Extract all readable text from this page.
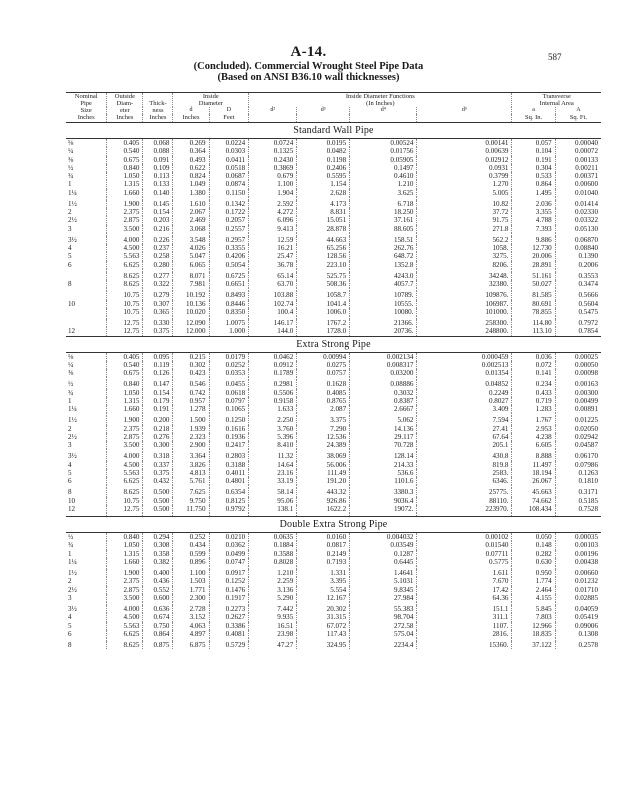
587
A-14.
(Concluded). Commercial Wrought Steel Pipe Data
(Based on ANSI B36.10 wall thicknesses)
Nominal
Pipe
Size	Outside
Diam-
eter	Thick-
ness	Inside
Diameter		Inside Diameter Functions
(In Inches)				Transverse
Internal Area	
			d	D	d²	d³	d⁴	d⁵	a	A
Inches	Inches	Inches	Inches	Feet					Sq. In.	Sq. Ft.
Standard Wall Pipe										
⅛	0.405	0.068	0.269	0.0224	0.0724	0.0195	0.00524	0.00141	0.057	0.00040
¼	0.540	0.088	0.364	0.0303	0.1325	0.0482	0.01756	0.00639	0.104	0.00072
⅜	0.675	0.091	0.493	0.0411	0.2430	0.1198	0.05905	0.02912	0.191	0.00133
½	0.840	0.109	0.622	0.0518	0.3869	0.2406	0.1497	0.0931	0.304	0.00211
¾	1.050	0.113	0.824	0.0687	0.679	0.5595	0.4610	0.3799	0.533	0.00371
1	1.315	0.133	1.049	0.0874	1.100	1.154	1.210	1.270	0.864	0.00600
1¼	1.660	0.140	1.380	0.1150	1.904	2.628	3.625	5.005	1.495	0.01040

1½	1.900	0.145	1.610	0.1342	2.592	4.173	6.718	10.82	2.036	0.01414
2	2.375	0.154	2.067	0.1722	4.272	8.831	18.250	37.72	3.355	0.02330
2½	2.875	0.203	2.469	0.2057	6.096	15.051	37.161	91.75	4.788	0.03322
3	3.500	0.216	3.068	0.2557	9.413	28.878	88.605	271.8	7.393	0.05130

3½	4.000	0.226	3.548	0.2957	12.59	44.663	158.51	562.2	9.886	0.06870
4	4.500	0.237	4.026	0.3355	16.21	65.256	262.76	1058.	12.730	0.08840
5	5.563	0.258	5.047	0.4206	25.47	128.56	648.72	3275.	20.006	0.1390
6	6.625	0.280	6.065	0.5054	36.78	223.10	1352.8	8206.	28.891	0.2006

	8.625	0.277	8.071	0.6725	65.14	525.75	4243.0	34248.	51.161	0.3553
8	8.625	0.322	7.981	0.6651	63.70	508.36	4057.7	32380.	50.027	0.3474

	10.75	0.279	10.192	0.8493	103.88	1058.7	10789.	109876.	81.585	0.5666
10	10.75	0.307	10.136	0.8446	102.74	1041.4	10555.	106987.	80.691	0.5604
	10.75	0.365	10.020	0.8350	100.4	1006.0	10080.	101000.	78.855	0.5475

	12.75	0.330	12.090	1.0075	146.17	1767.2	21366.	258300.	114.80	0.7972
12	12.75	0.375	12.000	1.000	144.0	1728.0	20736.	248800.	113.10	0.7854
Extra Strong Pipe										
⅛	0.405	0.095	0.215	0.0179	0.0462	0.00994	0.002134	0.000459	0.036	0.00025
¼	0.540	0.119	0.302	0.0252	0.0912	0.0275	0.008317	0.002513	0.072	0.00050
⅜	0.675	0.126	0.423	0.0353	0.1789	0.0757	0.03200	0.01354	0.141	0.00098

½	0.840	0.147	0.546	0.0455	0.2981	0.1628	0.08886	0.04852	0.234	0.00163
¾	1.050	0.154	0.742	0.0618	0.5506	0.4085	0.3032	0.2249	0.433	0.00300
1	1.315	0.179	0.957	0.0797	0.9158	0.8765	0.8387	0.8027	0.719	0.00499
1¼	1.660	0.191	1.278	0.1065	1.633	2.087	2.6667	3.409	1.283	0.00891

1½	1.900	0.200	1.500	0.1250	2.250	3.375	5.062	7.594	1.767	0.01225
2	2.375	0.218	1.939	0.1616	3.760	7.290	14.136	27.41	2.953	0.02050
2½	2.875	0.276	2.323	0.1936	5.396	12.536	29.117	67.64	4.238	0.02942
3	3.500	0.300	2.900	0.2417	8.410	24.389	70.728	205.1	6.605	0.04587

3½	4.000	0.318	3.364	0.2803	11.32	38.069	128.14	430.8	8.888	0.06170
4	4.500	0.337	3.826	0.3188	14.64	56.006	214.33	819.8	11.497	0.07986
5	5.563	0.375	4.813	0.4011	23.16	111.49	536.6	2583.	18.194	0.1263
6	6.625	0.432	5.761	0.4801	33.19	191.20	1101.6	6346.	26.067	0.1810

8	8.625	0.500	7.625	0.6354	58.14	443.32	3380.3	25775.	45.663	0.3171
10	10.75	0.500	9.750	0.8125	95.06	926.86	9036.4	88110.	74.662	0.5185
12	12.75	0.500	11.750	0.9792	138.1	1622.2	19072.	223970.	108.434	0.7528

Double Extra Strong Pipe										
½	0.840	0.294	0.252	0.0210	0.0635	0.0160	0.004032	0.00102	0.050	0.00035
¾	1.050	0.308	0.434	0.0362	0.1884	0.0817	0.03549	0.01540	0.148	0.00103
1	1.315	0.358	0.599	0.0499	0.3588	0.2149	0.1287	0.07711	0.282	0.00196
1¼	1.660	0.382	0.896	0.0747	0.8028	0.7193	0.6445	0.5775	0.630	0.00438

1½	1.900	0.400	1.100	0.0917	1.210	1.331	1.4641	1.611	0.950	0.00660
2	2.375	0.436	1.503	0.1252	2.259	3.395	5.1031	7.670	1.774	0.01232
2½	2.875	0.552	1.771	0.1476	3.136	5.554	9.8345	17.42	2.464	0.01710
3	3.500	0.600	2.300	0.1917	5.290	12.167	27.984	64.36	4.155	0.02885

3½	4.000	0.636	2.728	0.2273	7.442	20.302	55.383	151.1	5.845	0.04059
4	4.500	0.674	3.152	0.2627	9.935	31.315	98.704	311.1	7.803	0.05419
5	5.563	0.750	4.063	0.3386	16.51	67.072	272.58	1107.	12.966	0.09006
6	6.625	0.864	4.897	0.4081	23.98	117.43	575.04	2816.	18.835	0.1308

8	8.625	0.875	6.875	0.5729	47.27	324.95	2234.4	15360.	37.122	0.2578
